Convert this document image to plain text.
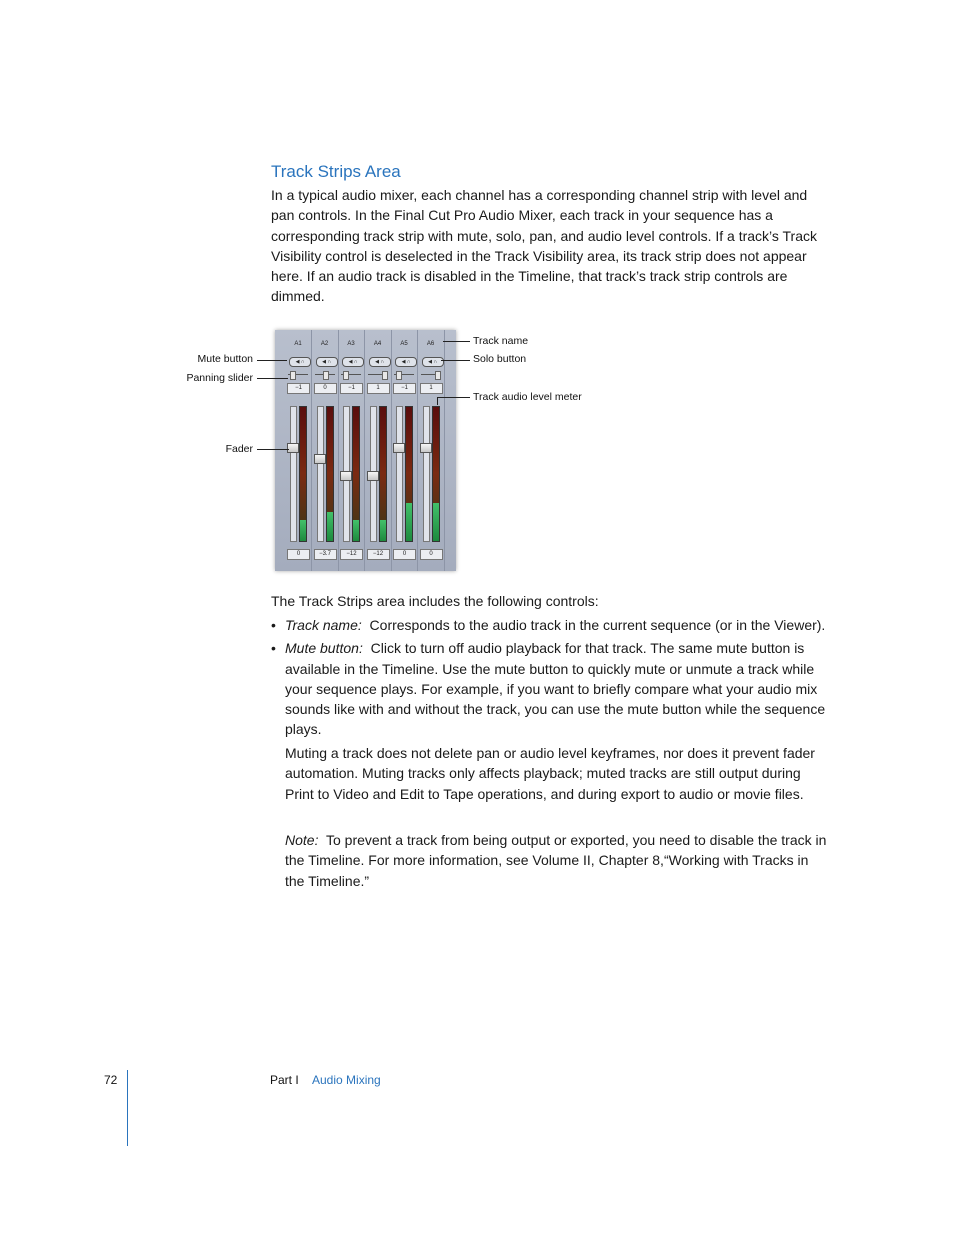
Track Strips Area

In a typical audio mixer, each channel has a corresponding channel strip with level and pan controls. In the Final Cut Pro Audio Mixer, each track in your sequence has a corresponding track strip with mute, solo, pan, and audio level controls. If a track’s Track Visibility control is deselected in the Track Visibility area, its track strip does not appear here. If an audio track is disabled in the Timeline, that track’s track strip controls are dimmed.

A1
◀ ∩
−1
0
A2
◀ ∩
0
−3.7
A3
◀ ∩
−1
−12
A4
◀ ∩
1
−12
A5
◀ ∩
−1
0
A6
◀ ∩
1
0
Mute button
Panning slider
Fader
Track name
Solo button
Track audio level meter

The Track Strips area includes the following controls:

• Track name: Corresponds to the audio track in the current sequence (or in the Viewer).
• Mute button: Click to turn off audio playback for that track. The same mute button is available in the Timeline. Use the mute button to quickly mute or unmute a track while your sequence plays. For example, if you want to briefly compare what your audio mix sounds like with and without the track, you can use the mute button while the sequence plays.

Muting a track does not delete pan or audio level keyframes, nor does it prevent fader automation. Muting tracks only affects playback; muted tracks are still output during Print to Video and Edit to Tape operations, and during export to audio or movie files.

Note: To prevent a track from being output or exported, you need to disable the track in the Timeline. For more information, see Volume II, Chapter 8,“Working with Tracks in the Timeline.”

72	Part I Audio Mixing
